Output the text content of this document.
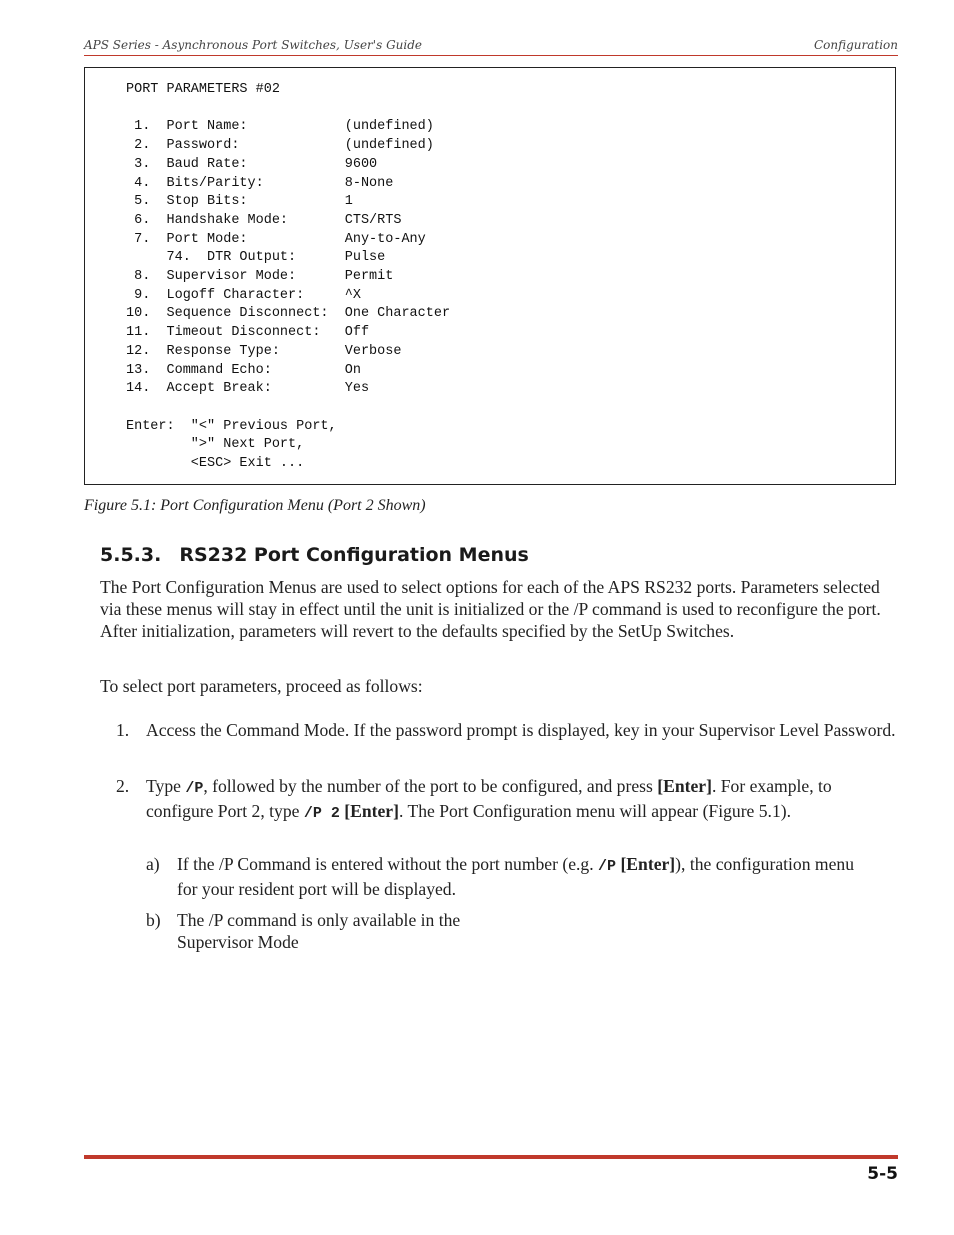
APS Series - Asynchronous Port Switches, User's Guide	Configuration
PORT PARAMETERS #02

1.  Port Name:            (undefined)
2.  Password:             (undefined)
3.  Baud Rate:            9600
4.  Bits/Parity:          8-None
5.  Stop Bits:            1
6.  Handshake Mode:       CTS/RTS
7.  Port Mode:            Any-to-Any
74.  DTR Output:      Pulse
8.  Supervisor Mode:      Permit
9.  Logoff Character:     ^X
10.  Sequence Disconnect:  One Character
11.  Timeout Disconnect:   Off
12.  Response Type:        Verbose
13.  Command Echo:         On
14.  Accept Break:         Yes

Enter:  "<" Previous Port,
">" Next Port,
<ESC> Exit ...
Figure 5.1: Port Configuration Menu (Port 2 Shown)
5.5.3. RS232 Port Configuration Menus
The Port Configuration Menus are used to select options for each of the APS RS232 ports. Parameters selected via these menus will stay in effect until the unit is initialized or the /P command is used to reconfigure the port. After initialization, parameters will revert to the defaults specified by the SetUp Switches.
To select port parameters, proceed as follows:
1. Access the Command Mode. If the password prompt is displayed, key in your Supervisor Level Password.
2. Type /P, followed by the number of the port to be configured, and press [Enter]. For example, to configure Port 2, type /P 2 [Enter]. The Port Configuration menu will appear (Figure 5.1).
a) If the /P Command is entered without the port number (e.g. /P [Enter]), the configuration menu for your resident port will be displayed.
b) The /P command is only available in the
Supervisor Mode
5-5
